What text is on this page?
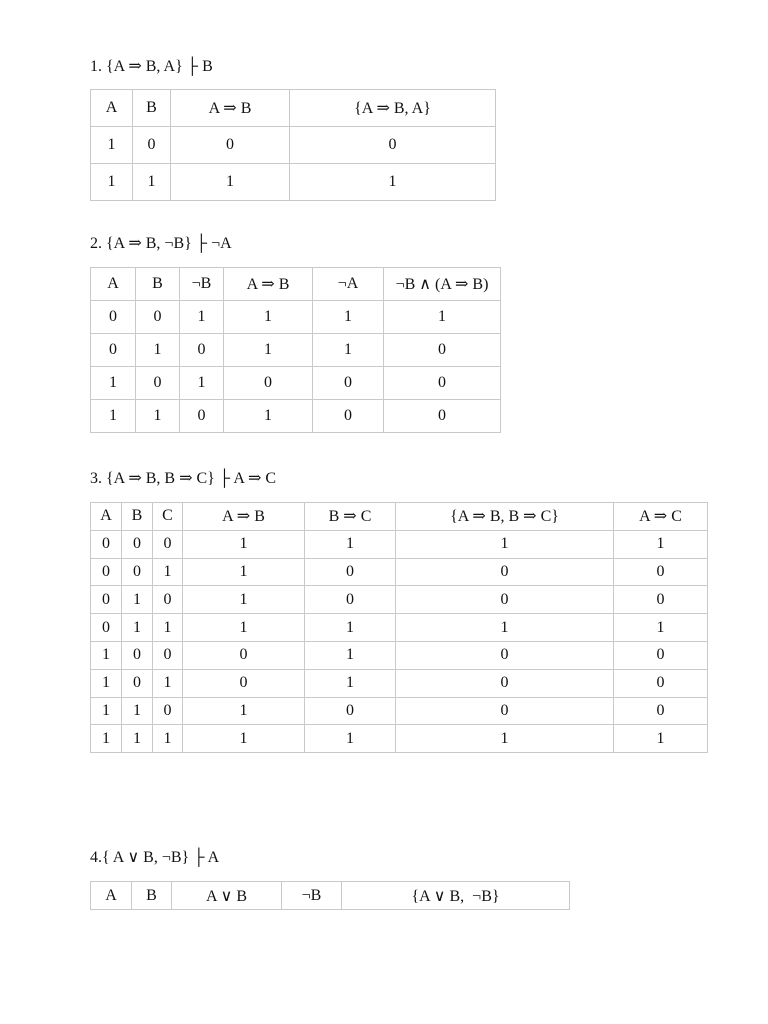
1. {A ⇒ B, A} ├ B
A	B	A ⇒ B	{A ⇒ B, A}
1	0	0	0
1	1	1	1
2. {A ⇒ B, ¬B} ├ ¬A
A	B	¬B	A ⇒ B	¬A	¬B ∧ (A ⇒ B)
0	0	1	1	1	1
0	1	0	1	1	0
1	0	1	0	0	0
1	1	0	1	0	0
3. {A ⇒ B, B ⇒ C} ├ A ⇒ C
A	B	C	A ⇒ B	B ⇒ C	{A ⇒ B, B ⇒ C}	A ⇒ C
0	0	0	1	1	1	1
0	0	1	1	0	0	0
0	1	0	1	0	0	0
0	1	1	1	1	1	1
1	0	0	0	1	0	0
1	0	1	0	1	0	0
1	1	0	1	0	0	0
1	1	1	1	1	1	1
4.{ A ∨ B, ¬B} ├ A
A	B	A ∨ B	¬B	{A ∨ B,  ¬B}
